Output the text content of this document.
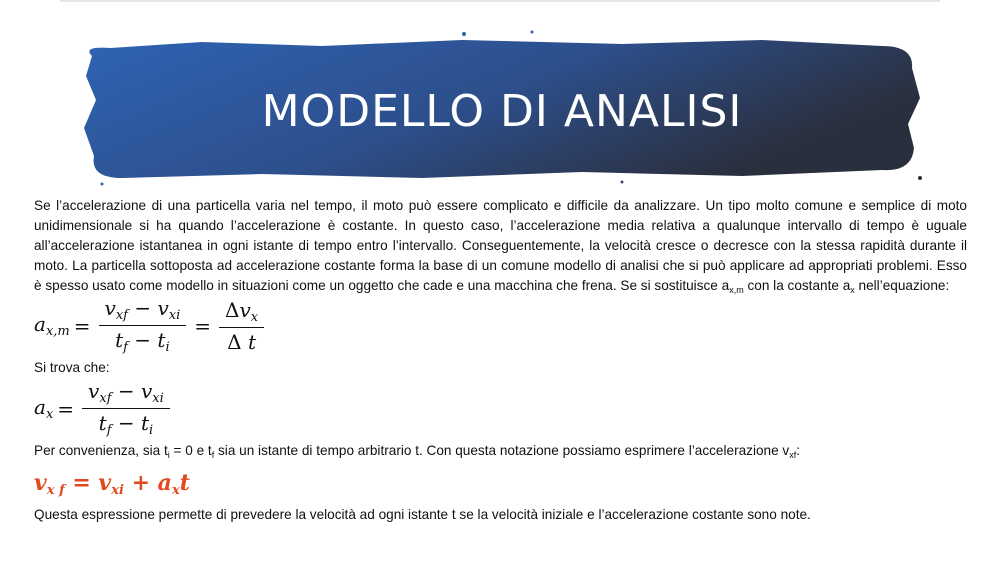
MODELLO DI ANALISI
Se l’accelerazione di una particella varia nel tempo, il moto può essere complicato e difficile da analizzare. Un tipo molto comune e semplice di moto unidimensionale si ha quando l’accelerazione è costante. In questo caso, l’accelerazione media relativa a qualunque intervallo di tempo è uguale all’accelerazione istantanea in ogni istante di tempo entro l’intervallo. Conseguentemente, la velocità cresce o decresce con la stessa rapidità durante il moto. La particella sottoposta ad accelerazione costante forma la base di un comune modello di analisi che si può applicare ad appropriati problemi. Esso è spesso usato come modello in situazioni come un oggetto che cade e una macchina che frena. Se si sostituisce $a_{x,m}$ con la costante $a_x$ nell’equazione:
$a_{x,m} = \frac{v_{xf} - v_{xi}}{t_f - t_i} = \frac{\Delta v_x}{\text{Δ t}}$
Si trova che:
$a_x = \frac{v_{xf} - v_{xi}}{t_f - t_i}$
Per convenienza, sia $t_i = 0$ e $t_f$ sia un istante di tempo arbitrario t. Con questa notazione possiamo esprimere l’accelerazione $v_{xf}$:
vx f = vxi + axt
Questa espressione permette di prevedere la velocità ad ogni istante t se la velocità iniziale e l’accelerazione costante sono note.
